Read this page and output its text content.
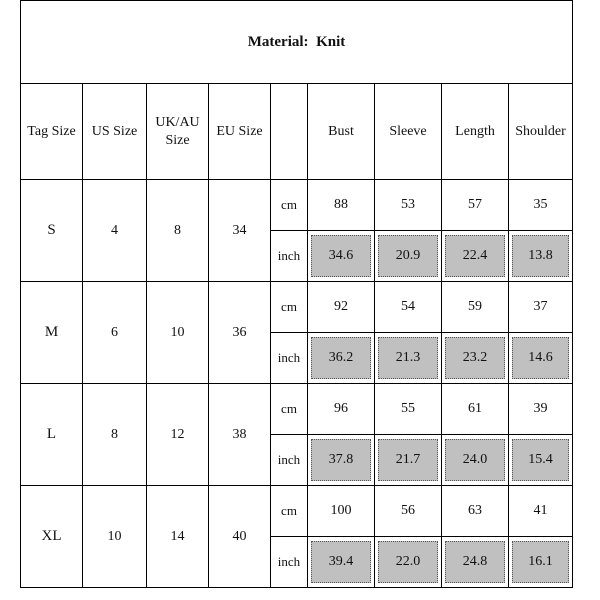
Material: Knit								
Tag Size	US Size	UK/AU Size	EU Size		Bust	Sleeve	Length	Shoulder
S	4	8	34	cm	88	53	57	35
				inch	34.6	20.9	22.4	13.8

M	6	10	36	cm	92	54	59	37
				inch	36.2	21.3	23.2	14.6

L	8	12	38	cm	96	55	61	39
				inch	37.8	21.7	24.0	15.4

XL	10	14	40	cm	100	56	63	41
				inch	39.4	22.0	24.8	16.1
